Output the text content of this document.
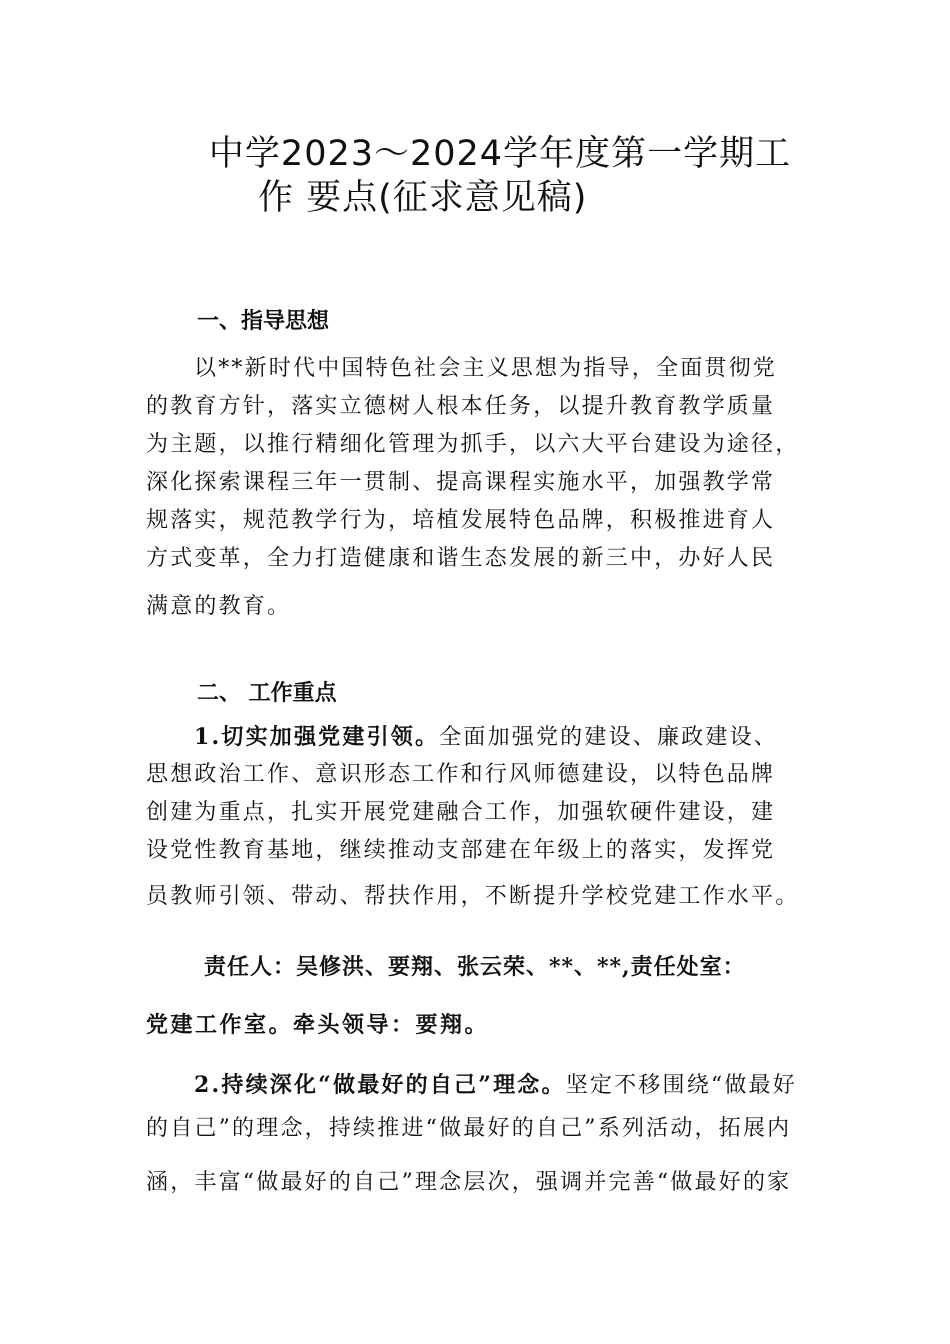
中学2023～2024学年度第一学期工
作 要点(征求意见稿)
一、指导思想
以**新时代中国特色社会主义思想为指导，全面贯彻党
的教育方针，落实立德树人根本任务，以提升教育教学质量
为主题，以推行精细化管理为抓手，以六大平台建设为途径，
深化探索课程三年一贯制、提高课程实施水平，加强教学常
规落实，规范教学行为，培植发展特色品牌，积极推进育人
方式变革，全力打造健康和谐生态发展的新三中，办好人民
满意的教育。
二、 工作重点
1.切实加强党建引领。全面加强党的建设、廉政建设、
思想政治工作、意识形态工作和行风师德建设，以特色品牌
创建为重点，扎实开展党建融合工作，加强软硬件建设，建
设党性教育基地，继续推动支部建在年级上的落实，发挥党
员教师引领、带动、帮扶作用，不断提升学校党建工作水平。
责任人：吴修洪、要翔、张云荣、**、**,责任处室：
党建工作室。牵头领导：要翔。
2.持续深化“做最好的自己”理念。坚定不移围绕“做最好
的自己”的理念，持续推进“做最好的自己”系列活动，拓展内
涵，丰富“做最好的自己”理念层次，强调并完善“做最好的家
